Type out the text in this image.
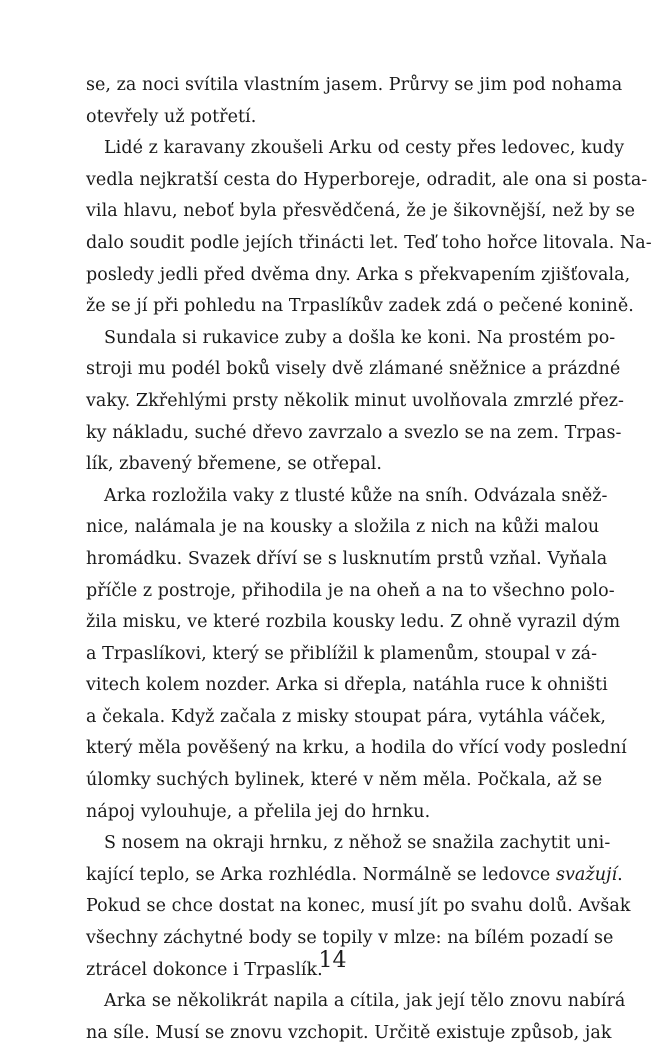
se, za noci svítila vlastním jasem. Průrvy se jim pod nohama
otevřely už potřetí.
Lidé z karavany zkoušeli Arku od cesty přes ledovec, kudy
vedla nejkratší cesta do Hyperboreje, odradit, ale ona si posta-
vila hlavu, neboť byla přesvědčená, že je šikovnější, než by se
dalo soudit podle jejích třinácti let. Teď toho hořce litovala. Na-
posledy jedli před dvěma dny. Arka s překvapením zjišťovala,
že se jí při pohledu na Trpaslíkův zadek zdá o pečené konině.
Sundala si rukavice zuby a došla ke koni. Na prostém po-
stroji mu podél boků visely dvě zlámané sněžnice a prázdné
vaky. Zkřehlými prsty několik minut uvolňovala zmrzlé přez-
ky nákladu, suché dřevo zavrzalo a svezlo se na zem. Trpas-
lík, zbavený břemene, se otřepal.
Arka rozložila vaky z tlusté kůže na sníh. Odvázala sněž-
nice, nalámala je na kousky a složila z nich na kůži malou
hromádku. Svazek dříví se s lusknutím prstů vzňal. Vyňala
příčle z postroje, přihodila je na oheň a na to všechno polo-
žila misku, ve které rozbila kousky ledu. Z ohně vyrazil dým
a Trpaslíkovi, který se přiblížil k plamenům, stoupal v zá-
vitech kolem nozder. Arka si dřepla, natáhla ruce k ohništi
a čekala. Když začala z misky stoupat pára, vytáhla váček,
který měla pověšený na krku, a hodila do vřící vody poslední
úlomky suchých bylinek, které v něm měla. Počkala, až se
nápoj vylouhuje, a přelila jej do hrnku.
S nosem na okraji hrnku, z něhož se snažila zachytit uni-
kající teplo, se Arka rozhlédla. Normálně se ledovce svažují.
Pokud se chce dostat na konec, musí jít po svahu dolů. Avšak
všechny záchytné body se topily v mlze: na bílém pozadí se
ztrácel dokonce i Trpaslík.
Arka se několikrát napila a cítila, jak její tělo znovu nabírá
na síle. Musí se znovu vzchopit. Určitě existuje způsob, jak
14
